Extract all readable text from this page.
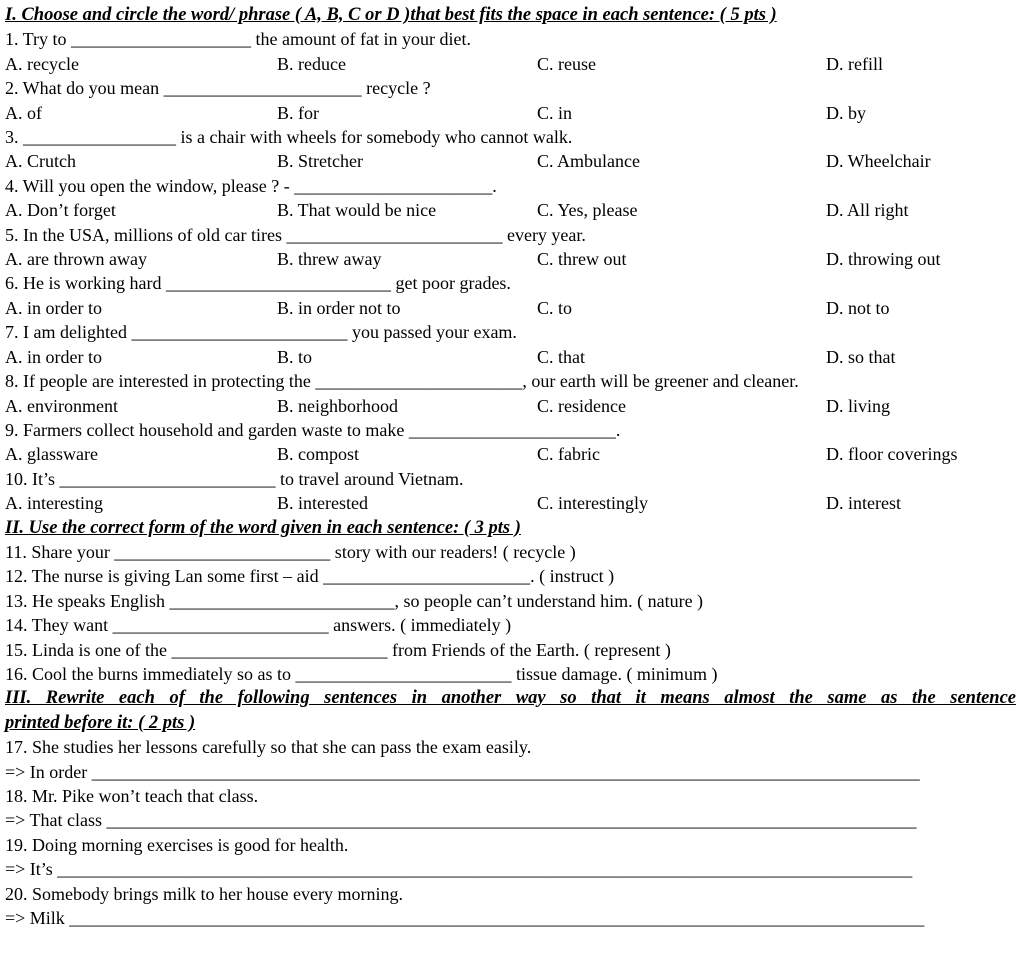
I. Choose and circle the word/ phrase ( A, B, C or D )that best fits the space in each sentence: ( 5 pts )
1. Try to ____________________ the amount of fat in your diet.
A. recycle	B. reduce	C. reuse	D. refill
2. What do you mean ______________________ recycle ?
A. of	B. for	C. in	D. by
3. _________________ is a chair with wheels for somebody who cannot walk.
A. Crutch	B. Stretcher	C. Ambulance	D. Wheelchair
4. Will you open the window, please ? - ______________________.
A. Don’t forget	B. That would be nice	C. Yes, please	D. All right
5. In the USA, millions of old car tires ________________________ every year.
A. are thrown away	B. threw away	C. threw out	D. throwing out
6. He is working hard _________________________ get poor grades.
A. in order to	B. in order not to	C. to	D. not to
7. I am delighted ________________________ you passed your exam.
A. in order to	B. to	C. that	D. so that
8. If people are interested in protecting the _______________________, our earth will be greener and cleaner.
A. environment	B. neighborhood	C. residence	D. living
9. Farmers collect household and garden waste to make _______________________.
A. glassware	B. compost	C. fabric	D. floor coverings
10. It’s ________________________ to travel around Vietnam.
A. interesting	B. interested	C. interestingly	D. interest
II. Use the correct form of the word given in each sentence: ( 3 pts )
11. Share your ________________________ story with our readers! ( recycle )
12. The nurse is giving Lan some first – aid _______________________. ( instruct )
13. He speaks English _________________________, so people can’t understand him. ( nature )
14. They want ________________________ answers. ( immediately )
15. Linda is one of the ________________________ from Friends of the Earth. ( represent )
16. Cool the burns immediately so as to ________________________ tissue damage. ( minimum )
III. Rewrite each of the following sentences in another way so that it means almost the same as the sentence
printed before it: ( 2 pts )
17. She studies her lessons carefully so that she can pass the exam easily.
=> In order ____________________________________________________________________________________________
18. Mr. Pike won’t teach that class.
=> That class __________________________________________________________________________________________
19. Doing morning exercises is good for health.
=> It’s _______________________________________________________________________________________________
20. Somebody brings milk to her house every morning.
=> Milk _______________________________________________________________________________________________
